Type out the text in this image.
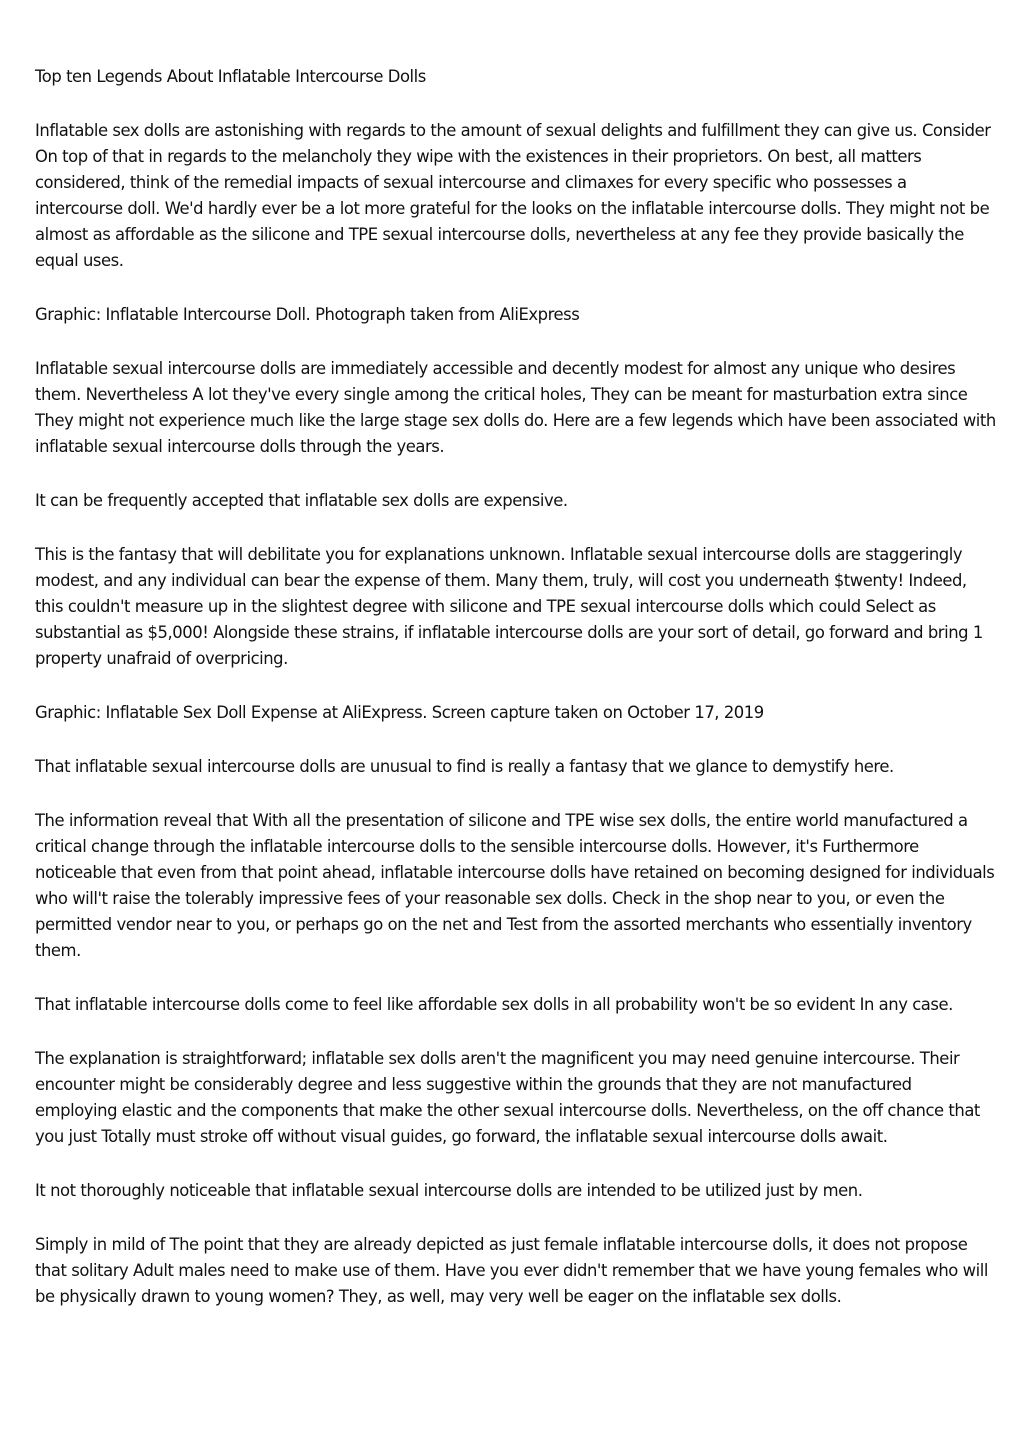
Top ten Legends About Inflatable Intercourse Dolls

Inflatable sex dolls are astonishing with regards to the amount of sexual delights and fulfillment they can give us. Consider On top of that in regards to the melancholy they wipe with the existences in their proprietors. On best, all matters considered, think of the remedial impacts of sexual intercourse and climaxes for every specific who possesses a intercourse doll. We'd hardly ever be a lot more grateful for the looks on the inflatable intercourse dolls. They might not be almost as affordable as the silicone and TPE sexual intercourse dolls, nevertheless at any fee they provide basically the equal uses.

Graphic: Inflatable Intercourse Doll. Photograph taken from AliExpress

Inflatable sexual intercourse dolls are immediately accessible and decently modest for almost any unique who desires them. Nevertheless A lot they've every single among the critical holes, They can be meant for masturbation extra since They might not experience much like the large stage sex dolls do. Here are a few legends which have been associated with inflatable sexual intercourse dolls through the years.

It can be frequently accepted that inflatable sex dolls are expensive.

This is the fantasy that will debilitate you for explanations unknown. Inflatable sexual intercourse dolls are staggeringly modest, and any individual can bear the expense of them. Many them, truly, will cost you underneath $twenty! Indeed, this couldn't measure up in the slightest degree with silicone and TPE sexual intercourse dolls which could Select as substantial as $5,000! Alongside these strains, if inflatable intercourse dolls are your sort of detail, go forward and bring 1 property unafraid of overpricing.

Graphic: Inflatable Sex Doll Expense at AliExpress. Screen capture taken on October 17, 2019

That inflatable sexual intercourse dolls are unusual to find is really a fantasy that we glance to demystify here.

The information reveal that With all the presentation of silicone and TPE wise sex dolls, the entire world manufactured a critical change through the inflatable intercourse dolls to the sensible intercourse dolls. However, it's Furthermore noticeable that even from that point ahead, inflatable intercourse dolls have retained on becoming designed for individuals who will't raise the tolerably impressive fees of your reasonable sex dolls. Check in the shop near to you, or even the permitted vendor near to you, or perhaps go on the net and Test from the assorted merchants who essentially inventory them.

That inflatable intercourse dolls come to feel like affordable sex dolls in all probability won't be so evident In any case.

The explanation is straightforward; inflatable sex dolls aren't the magnificent you may need genuine intercourse. Their encounter might be considerably degree and less suggestive within the grounds that they are not manufactured employing elastic and the components that make the other sexual intercourse dolls. Nevertheless, on the off chance that you just Totally must stroke off without visual guides, go forward, the inflatable sexual intercourse dolls await.

It not thoroughly noticeable that inflatable sexual intercourse dolls are intended to be utilized just by men.

Simply in mild of The point that they are already depicted as just female inflatable intercourse dolls, it does not propose that solitary Adult males need to make use of them. Have you ever didn't remember that we have young females who will be physically drawn to young women? They, as well, may very well be eager on the inflatable sex dolls.
